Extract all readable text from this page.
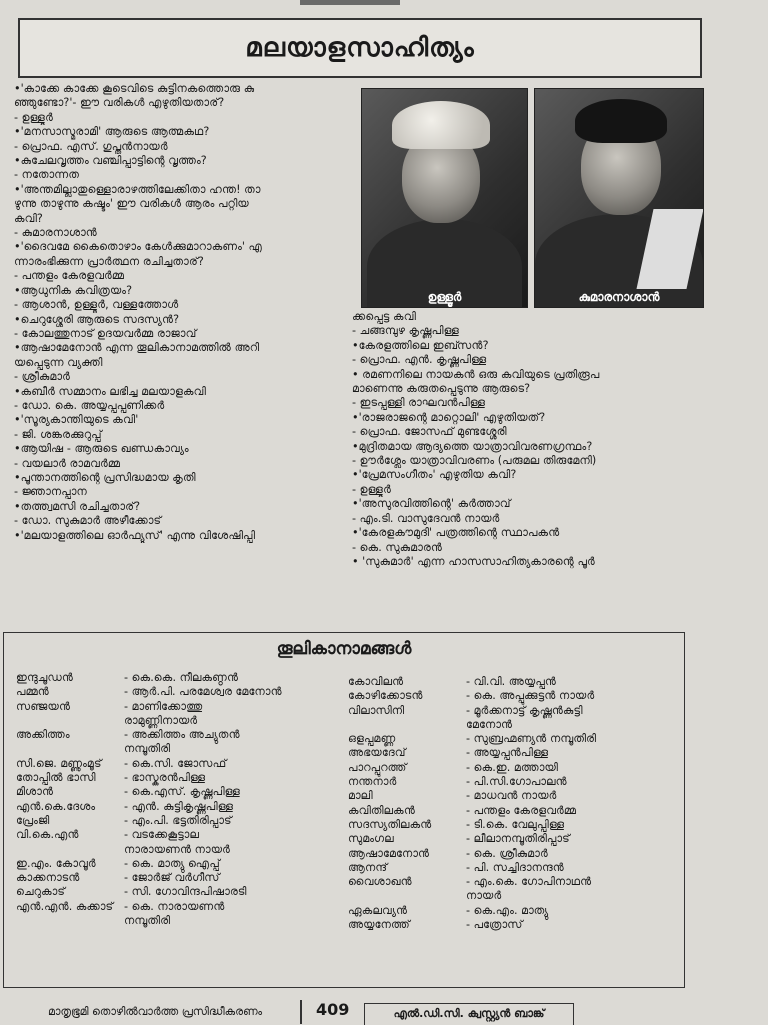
മലയാളസാഹിത്യം
•'കാക്കേ കാക്കേ കൂടെവിടെ കുട്ടിനകത്തൊരു കു
ഞ്ഞുണ്ടോ?'- ഈ വരികൾ എഴുതിയതാര്?
- ഉള്ളൂർ
•'മനസാസ്മരാമി' ആരുടെ ആത്മകഥ?
- പ്രൊഫ. എസ്. ഗുപ്തൻനായർ
•കുചേലവൃത്തം വഞ്ചിപ്പാട്ടിന്റെ വൃത്തം?
- നതോന്നത
•'അന്തമില്ലാതുള്ളൊരാഴത്തിലേക്കിതാ ഹന്ത! താ
ഴുന്നു താഴുന്നു കഷ്ടം' ഈ വരികൾ ആരം പറ്റിയ
കവി?
- കുമാരനാശാൻ
•'ദൈവമേ കൈതൊഴാം കേൾക്കുമാറാകണം' എ
ന്നാരംഭിക്കുന്ന പ്രാർത്ഥന രചിച്ചതാര്?
- പന്തളം കേരളവർമ്മ
•ആധുനിക കവിത്രയം?
- ആശാൻ, ഉള്ളൂർ, വള്ളത്തോൾ
•ചെറുശ്ശേരി ആരുടെ സദസ്യൻ?
- കോലത്തുനാട് ഉദയവർമ്മ രാജാവ്
•ആഷാമേനോൻ എന്ന തൂലികാനാമത്തിൽ അറി
യപ്പെടുന്ന വ്യക്തി
- ശ്രീകുമാർ
•കബീർ സമ്മാനം ലഭിച്ച മലയാളകവി
- ഡോ. കെ. അയ്യപ്പപ്പണിക്കർ
•'സൂര്യകാന്തിയുടെ കവി'
- ജി. ശങ്കരക്കുറുപ്പ്
•ആയിഷ - ആരുടെ ഖണ്ഡകാവ്യം
- വയലാർ രാമവർമ്മ
•പൂന്താനത്തിന്റെ പ്രസിദ്ധമായ കൃതി
- ജ്ഞാനപ്പാന
•തത്ത്വമസി രചിച്ചതാര്?
- ഡോ. സുകുമാർ അഴീക്കോട്
•'മലയാളത്തിലെ ഓർഫ്യൂസ്' എന്നു വിശേഷിപ്പി
ഉള്ളൂർ	കുമാരനാശാൻ
ക്കപ്പെട്ട കവി
- ചങ്ങമ്പുഴ കൃഷ്ണപിള്ള
•കേരളത്തിലെ ഇബ്സൻ?
- പ്രൊഫ. എൻ. കൃഷ്ണപിള്ള
• രമണനിലെ നായകൻ ഒരു കവിയുടെ പ്രതിരൂപ
മാണെന്നു കരുതപ്പെടുന്നു ആരുടെ?
- ഇടപ്പള്ളി രാഘവൻപിള്ള
•'രാജരാജന്റെ മാറ്റൊലി' എഴുതിയത്?
- പ്രൊഫ. ജോസഫ് മുണ്ടശ്ശേരി
•മുദ്രിതമായ ആദ്യത്തെ യാത്രാവിവരണഗ്രന്ഥം?
- ഊർശ്ലേം യാത്രാവിവരണം (പരുമല തിരുമേനി)
•'പ്രേമസംഗീതം' എഴുതിയ കവി?
- ഉള്ളൂർ
•'അസുരവിത്തിന്റെ' കർത്താവ്
- എം.ടി. വാസുദേവൻ നായർ
•'കേരളകൗമുദി' പത്രത്തിന്റെ സ്ഥാപകൻ
- കെ. സുകുമാരൻ
• 'സുകുമാർ' എന്ന ഹാസസാഹിത്യകാരന്റെ പൂർ
തൂലികാനാമങ്ങൾ
ഇന്ദുചൂഡൻ	- കെ.കെ. നീലകണ്ഠൻ
പമ്മൻ	- ആർ.പി. പരമേശ്വര മേനോൻ
സഞ്ജയൻ	- മാണിക്കോത്തു
രാമുണ്ണിനായർ
അക്കിത്തം	- അക്കിത്തം അച്യുതൻ
നമ്പൂതിരി
സി.ജെ. മണ്ണുംമൂട്	- കെ.സി. ജോസഫ്
തോപ്പിൽ ഭാസി	- ഭാസ്കരൻപിള്ള
മിശാൻ	- കെ.എസ്. കൃഷ്ണപിള്ള
എൻ.കെ.ദേശം	- എൻ. കുട്ടികൃഷ്ണപിള്ള
പ്രേംജി	- എം.പി. ഭട്ടതിരിപ്പാട്
വി.കെ.എൻ	- വടക്കേകൂട്ടാല
നാരായണൻ നായർ
ഇ.എം. കോവൂർ	- കെ. മാത്യു ഐപ്പ്
കാക്കനാടൻ	- ജോർജ് വർഗീസ്
ചെറുകാട്	- സി. ഗോവിന്ദപിഷാരടി
എൻ.എൻ. കക്കാട് - കെ. നാരായണൻ
നമ്പൂതിരി
കോവിലൻ	- വി.വി. അയ്യപ്പൻ
കോഴിക്കോടൻ	- കെ. അപ്പുക്കുട്ടൻ നായർ
വിലാസിനി	- മൂർക്കനാട്ട് കൃഷ്ണൻകുട്ടി
മേനോൻ
ഒളപ്പമണ്ണ	- സുബ്രഹ്മണ്യൻ നമ്പൂതിരി
അഭയദേവ്	- അയ്യപ്പൻപിള്ള
പാറപ്പുറത്ത്	- കെ.ഇ. മത്തായി
നന്തനാർ	- പി.സി.ഗോപാലൻ
മാലി	- മാധവൻ നായർ
കവിതിലകൻ	- പന്തളം കേരളവർമ്മ
സദസ്യതിലകൻ	- ടി.കെ. വേലുപ്പിള്ള
സുമംഗല	- ലീലാനമ്പൂതിരിപ്പാട്
ആഷാമേനോൻ	- കെ. ശ്രീകുമാർ
ആനന്ദ്	- പി. സച്ചിദാനന്ദൻ
വൈശാഖൻ	- എം.കെ. ഗോപിനാഥൻ
നായർ
ഏകലവ്യൻ	- കെ.എം. മാത്യു
അയ്യനേത്ത്	- പത്രോസ്
മാതൃഭൂമി തൊഴിൽവാർത്ത പ്രസിദ്ധീകരണം	409	എൽ.ഡി.സി. ക്വസ്റ്റ്യൻ ബാങ്ക്
